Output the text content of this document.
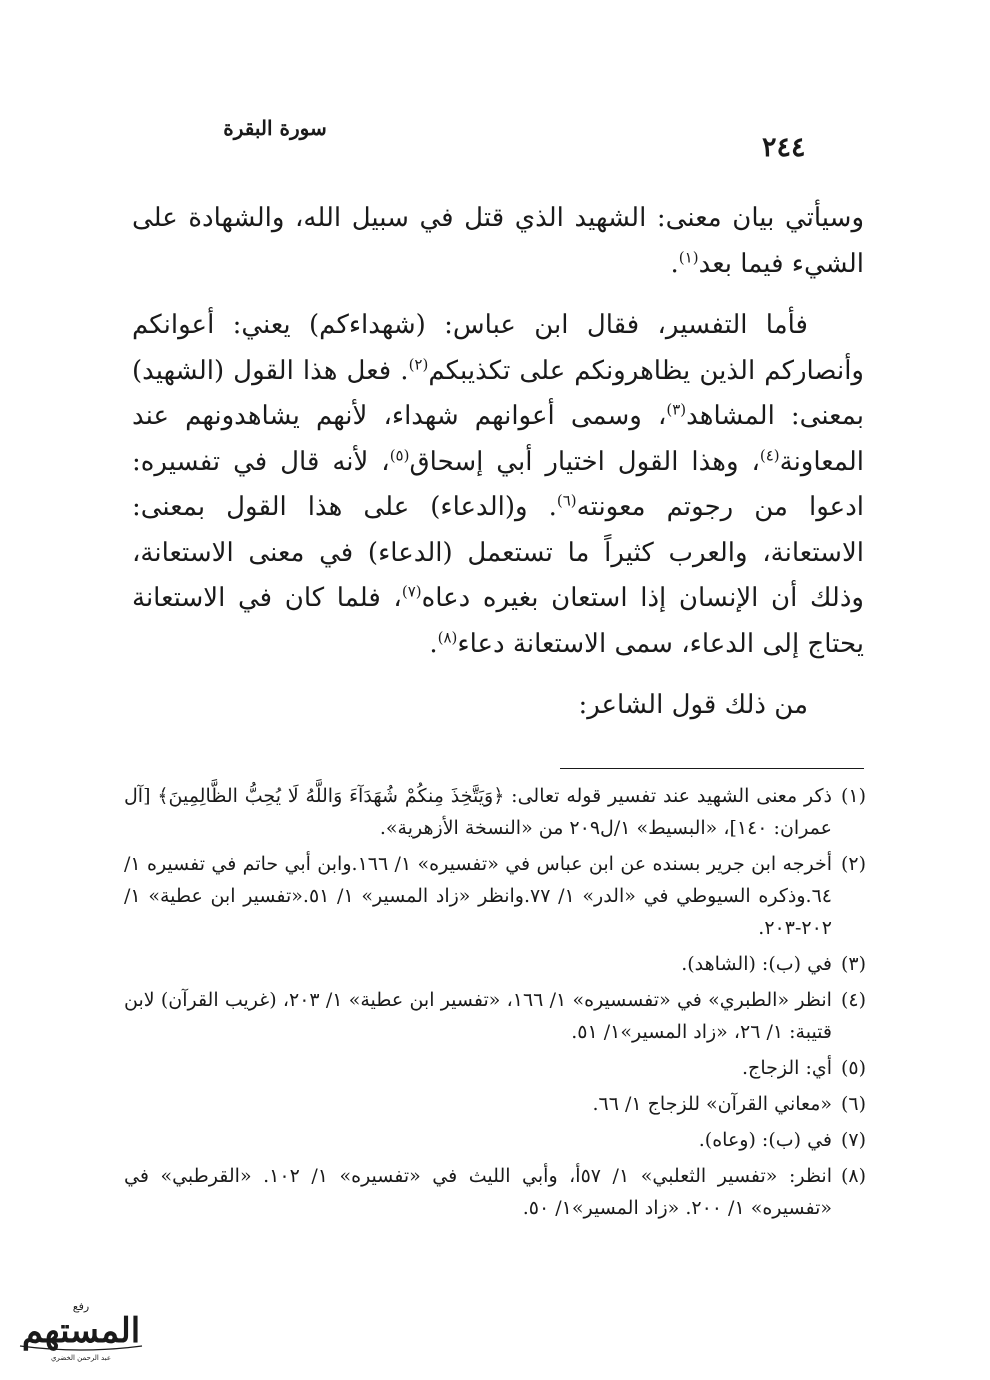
٢٤٤
سورة البقرة

وسيأتي بيان معنى: الشهيد الذي قتل في سبيل الله، والشهادة على الشيء فيما بعد$^{(١)}$.

فأما التفسير، فقال ابن عباس: (شهداءكم) يعني: أعوانكم وأنصاركم الذين يظاهرونكم على تكذيبكم$^{(٢)}$. فعل هذا القول (الشهيد) بمعنى: المشاهد$^{(٣)}$، وسمى أعوانهم شهداء، لأنهم يشاهدونهم عند المعاونة$^{(٤)}$، وهذا القول اختيار أبي إسحاق$^{(٥)}$، لأنه قال في تفسيره: ادعوا من رجوتم معونته$^{(٦)}$. و(الدعاء) على هذا القول بمعنى: الاستعانة، والعرب كثيراً ما تستعمل (الدعاء) في معنى الاستعانة، وذلك أن الإنسان إذا استعان بغيره دعاه$^{(٧)}$، فلما كان في الاستعانة يحتاج إلى الدعاء، سمى الاستعانة دعاء$^{(٨)}$.

من ذلك قول الشاعر:

(١)
ذكر معنى الشهيد عند تفسير قوله تعالى: ﴿وَيَتَّخِذَ مِنكُمْ شُهَدَآءَ وَاللَّهُ لَا يُحِبُّ الظَّالِمِينَ﴾ [آل عمران: ١٤٠]، «البسيط» ١/ل٢٠٩ من «النسخة الأزهرية».
(٢)
أخرجه ابن جرير بسنده عن ابن عباس في «تفسيره» ١/ ١٦٦.وابن أبي حاتم في تفسيره ١/ ٦٤.وذكره السيوطي في «الدر» ١/ ٧٧.وانظر «زاد المسير» ١/ ٥١.«تفسير ابن عطية» ١/ ٢٠٢-٢٠٣.
(٣)
في (ب): (الشاهد).
(٤)
انظر «الطبري» في «تفسسيره» ١/ ١٦٦، «تفسير ابن عطية» ١/ ٢٠٣، (غريب القرآن) لابن قتيبة: ١/ ٢٦، «زاد المسير»١/ ٥١.
(٥)
أي: الزجاج.
(٦)
«معاني القرآن» للزجاج ١/ ٦٦.
(٧)
في (ب): (وعاه).
(٨)
انظر: «تفسير الثعلبي» ١/ ٥٧أ، وأبي الليث في «تفسيره» ١/ ١٠٢. «القرطبي» في «تفسيره» ١/ ٢٠٠. «زاد المسير»١/ ٥٠.
رفع
المستهم
عبد الرحمن الخضري
